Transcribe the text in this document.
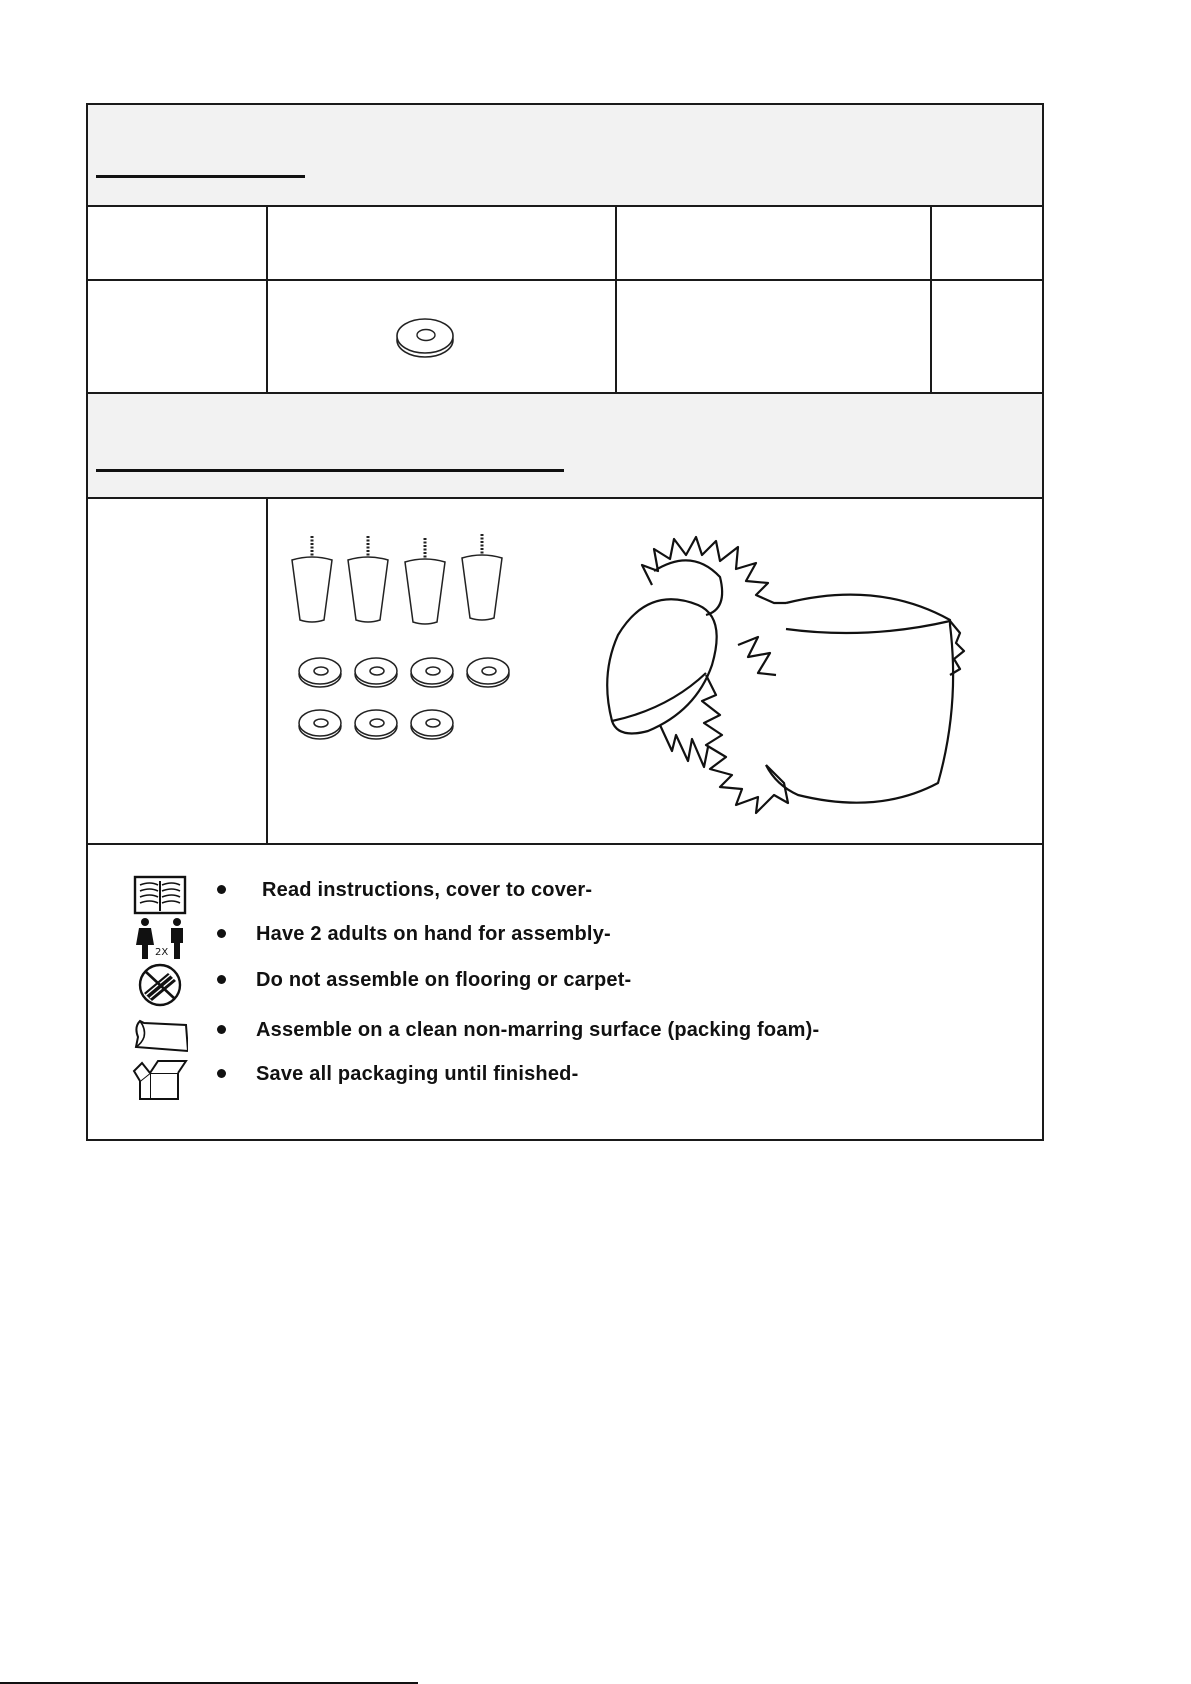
Read instructions, cover to cover-
2X
Have 2 adults on hand for assembly-
Do not assemble on flooring or carpet-
Assemble on a clean non-marring surface (packing foam)-
Save all packaging until finished-
